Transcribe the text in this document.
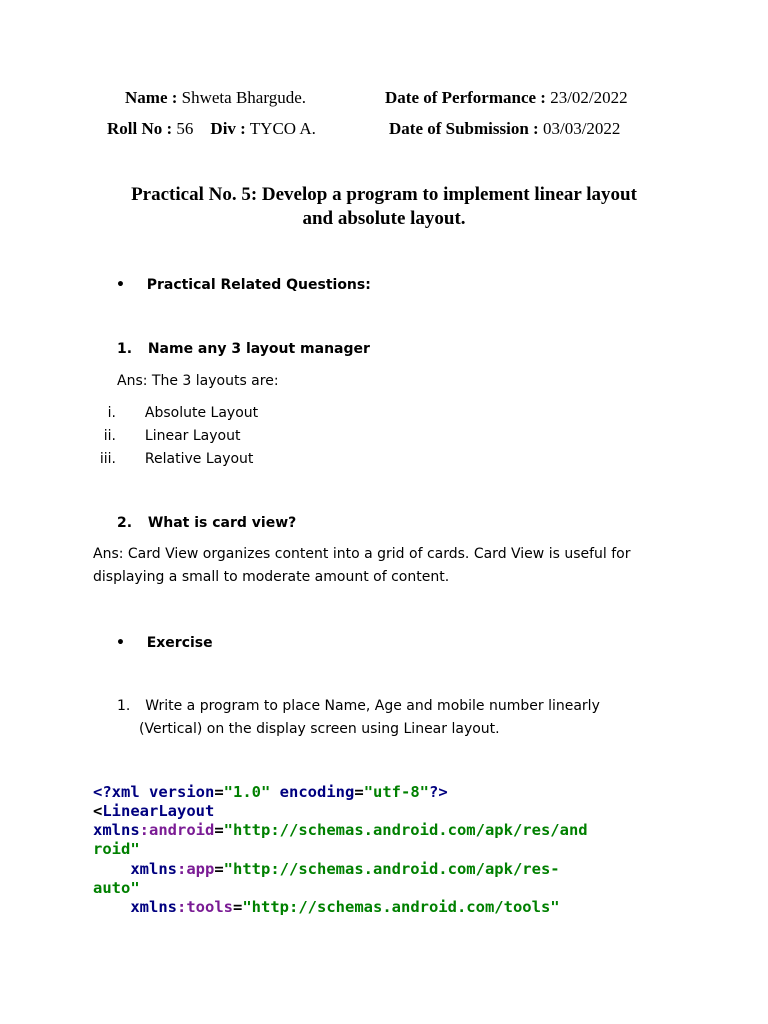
Name : Shweta Bhargude.	Date of Performance : 23/02/2022
Roll No : 56 Div : TYCO A.	Date of Submission : 03/03/2022
Practical No. 5: Develop a program to implement linear layout
and absolute layout.
• Practical Related Questions:
1. Name any 3 layout manager
Ans: The 3 layouts are:
i. Absolute Layout
ii. Linear Layout
iii. Relative Layout
2. What is card view?
Ans: Card View organizes content into a grid of cards. Card View is useful for
displaying a small to moderate amount of content.
• Exercise
1. Write a program to place Name, Age and mobile number linearly
(Vertical) on the display screen using Linear layout.
<?xml version="1.0" encoding="utf-8"?>
<LinearLayout
xmlns:android="http://schemas.android.com/apk/res/and
roid"
xmlns:app="http://schemas.android.com/apk/res-
auto"
xmlns:tools="http://schemas.android.com/tools"
